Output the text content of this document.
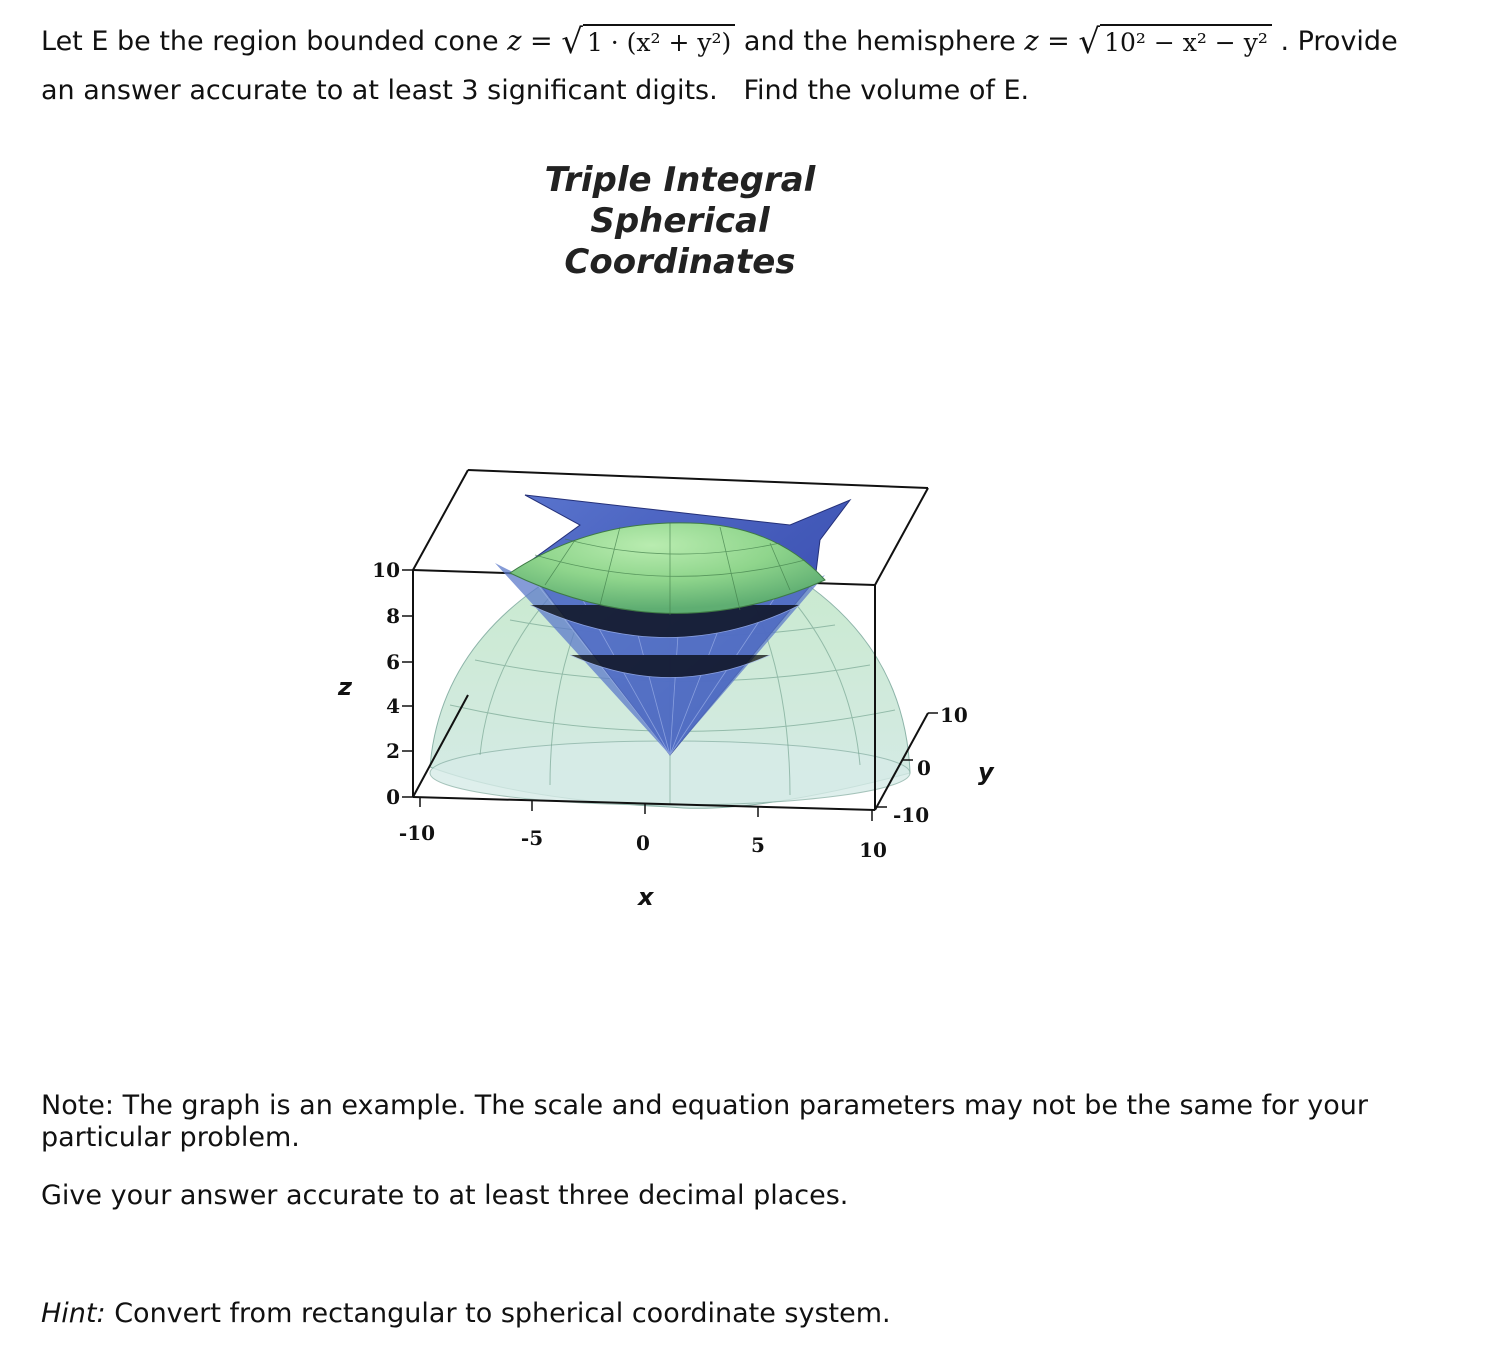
Let E be the region bounded cone z = √ 1 · (x² + y²) and the hemisphere z = √ 10² − x² − y² . Provide
an answer accurate to at least 3 significant digits. Find the volume of E.
Triple Integral
Spherical Coordinates
10
8
6
4
2
0
z
-10	-5	0	5	10
x
10
0
-10
y
Note: The graph is an example. The scale and equation parameters may not be the same for your particular problem.
Give your answer accurate to at least three decimal places.
Hint: Convert from rectangular to spherical coordinate system.
